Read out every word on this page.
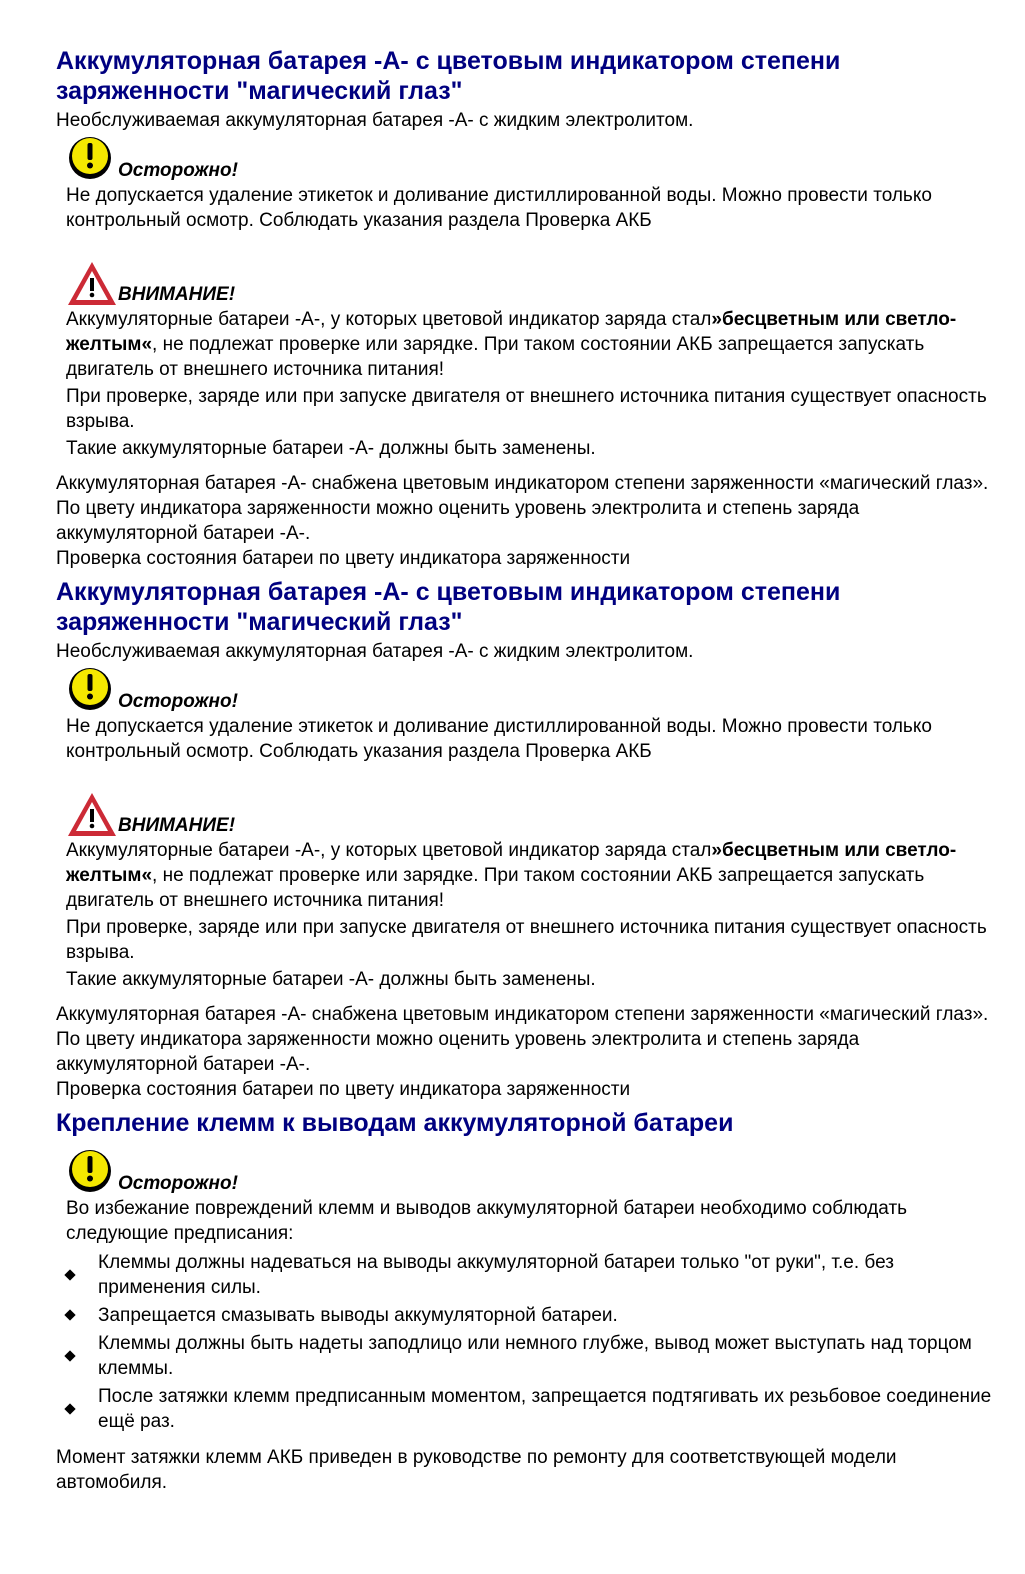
Аккумуляторная батарея -А- с цветовым индикатором степени заряженности "магический глаз"

Необслуживаемая аккумуляторная батарея -А- с жидким электролитом.

Осторожно!

Не допускается удаление этикеток и доливание дистиллированной воды. Можно провести только контрольный осмотр. Соблюдать указания раздела Проверка АКБ

ВНИМАНИЕ!

Аккумуляторные батареи -А-, у которых цветовой индикатор заряда стал»бесцветным или светло-желтым«, не подлежат проверке или зарядке. При таком состоянии АКБ запрещается запускать двигатель от внешнего источника питания!

При проверке, заряде или при запуске двигателя от внешнего источника питания существует опасность взрыва.

Такие аккумуляторные батареи -А- должны быть заменены.

Аккумуляторная батарея -А- снабжена цветовым индикатором степени заряженности «магический глаз». По цвету индикатора заряженности можно оценить уровень электролита и степень заряда аккумуляторной батареи -А-.

Проверка состояния батареи по цвету индикатора заряженности

Аккумуляторная батарея -А- с цветовым индикатором степени заряженности "магический глаз"

Необслуживаемая аккумуляторная батарея -А- с жидким электролитом.

Осторожно!

Не допускается удаление этикеток и доливание дистиллированной воды. Можно провести только контрольный осмотр. Соблюдать указания раздела Проверка АКБ

ВНИМАНИЕ!

Аккумуляторные батареи -А-, у которых цветовой индикатор заряда стал»бесцветным или светло-желтым«, не подлежат проверке или зарядке. При таком состоянии АКБ запрещается запускать двигатель от внешнего источника питания!

При проверке, заряде или при запуске двигателя от внешнего источника питания существует опасность взрыва.

Такие аккумуляторные батареи -А- должны быть заменены.

Аккумуляторная батарея -А- снабжена цветовым индикатором степени заряженности «магический глаз». По цвету индикатора заряженности можно оценить уровень электролита и степень заряда аккумуляторной батареи -А-.

Проверка состояния батареи по цвету индикатора заряженности

Крепление клемм к выводам аккумуляторной батареи
Осторожно!

Во избежание повреждений клемм и выводов аккумуляторной батареи необходимо соблюдать следующие предписания:

Клеммы должны надеваться на выводы аккумуляторной батареи только "от руки", т.е. без применения силы.
Запрещается смазывать выводы аккумуляторной батареи.
Клеммы должны быть надеты заподлицо или немного глубже, вывод может выступать над торцом клеммы.
После затяжки клемм предписанным моментом, запрещается подтягивать их резьбовое соединение ещё раз.

Момент затяжки клемм АКБ приведен в руководстве по ремонту для соответствующей модели автомобиля.
